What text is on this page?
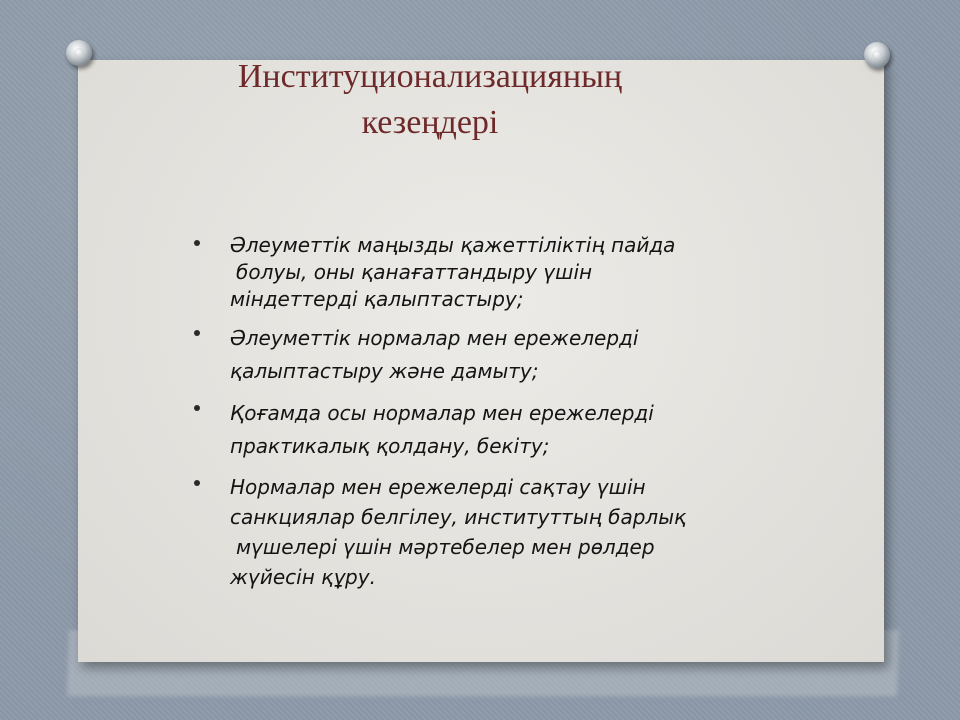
Институционализацияның
кезеңдері
Әлеуметтік маңызды қажеттіліктің пайда
болуы, оны қанағаттандыру үшін
міндеттерді қалыптастыру;
Әлеуметтік нормалар мен ережелерді
қалыптастыру және дамыту;
Қоғамда осы нормалар мен ережелерді
практикалық қолдану, бекіту;
Нормалар мен ережелерді сақтау үшін
санкциялар белгілеу, институттың барлық
мүшелері үшін мәртебелер мен рөлдер
жүйесін құру.
